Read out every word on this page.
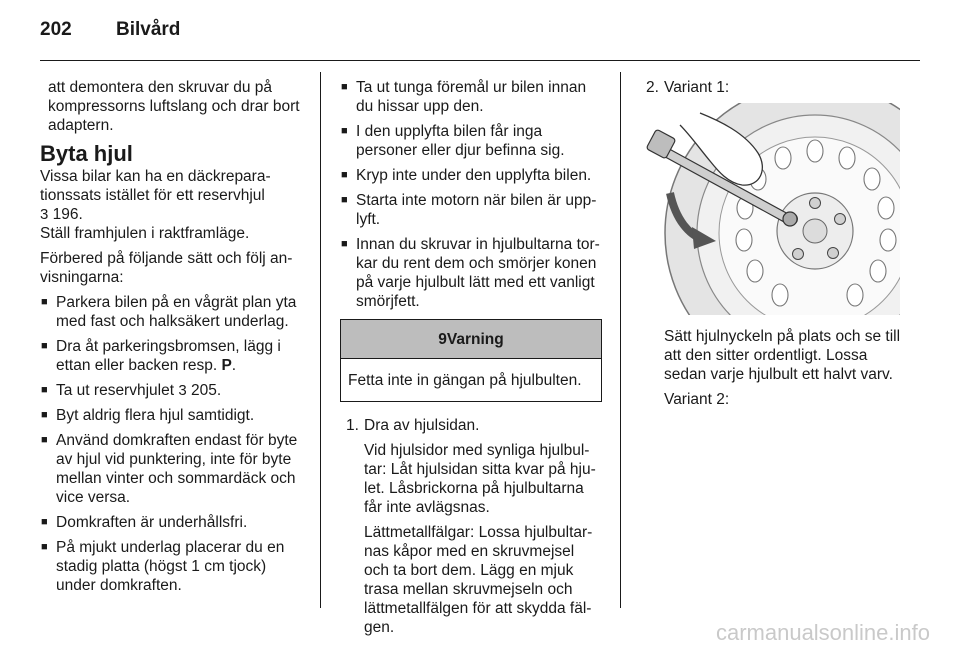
202 Bilvård

att demontera den skruvar du på kompressorns luftslang och drar bort adaptern.

Byta hjul

Vissa bilar kan ha en däckreparationssats istället för ett reservhjul
3 196.
Ställ framhjulen i raktframläge.

Förbered på följande sätt och följ anvisningarna:

■ Parkera bilen på en vågrät plan yta med fast och halksäkert underlag.
■ Dra åt parkeringsbromsen, lägg i ettan eller backen resp. P.
■ Ta ut reservhjulet 3 205.
■ Byt aldrig flera hjul samtidigt.
■ Använd domkraften endast för byte av hjul vid punktering, inte för byte mellan vinter och sommardäck och vice versa.
■ Domkraften är underhållsfri.
■ På mjukt underlag placerar du en stadig platta (högst 1 cm tjock) under domkraften.
■ Ta ut tunga föremål ur bilen innan du hissar upp den.
■ I den upplyfta bilen får inga personer eller djur befinna sig.
■ Kryp inte under den upplyfta bilen.
■ Starta inte motorn när bilen är upplyft.
■ Innan du skruvar in hjulbultarna torkar du rent dem och smörjer konen på varje hjulbult lätt med ett vanligt smörjfett.
9Varning
Fetta inte in gängan på hjulbulten.
1. Dra av hjulsidan.

Vid hjulsidor med synliga hjulbultar: Låt hjulsidan sitta kvar på hjulet. Låsbrickorna på hjulbultarna får inte avlägsnas.

Lättmetallfälgar: Lossa hjulbultarnas kåpor med en skruvmejsel och ta bort dem. Lägg en mjuk trasa mellan skruvmejseln och lättmetallfälgen för att skydda fälgen.

2. Variant 1:

Sätt hjulnyckeln på plats och se till att den sitter ordentligt. Lossa sedan varje hjulbult ett halvt varv.

Variant 2:

carmanualsonline.info
